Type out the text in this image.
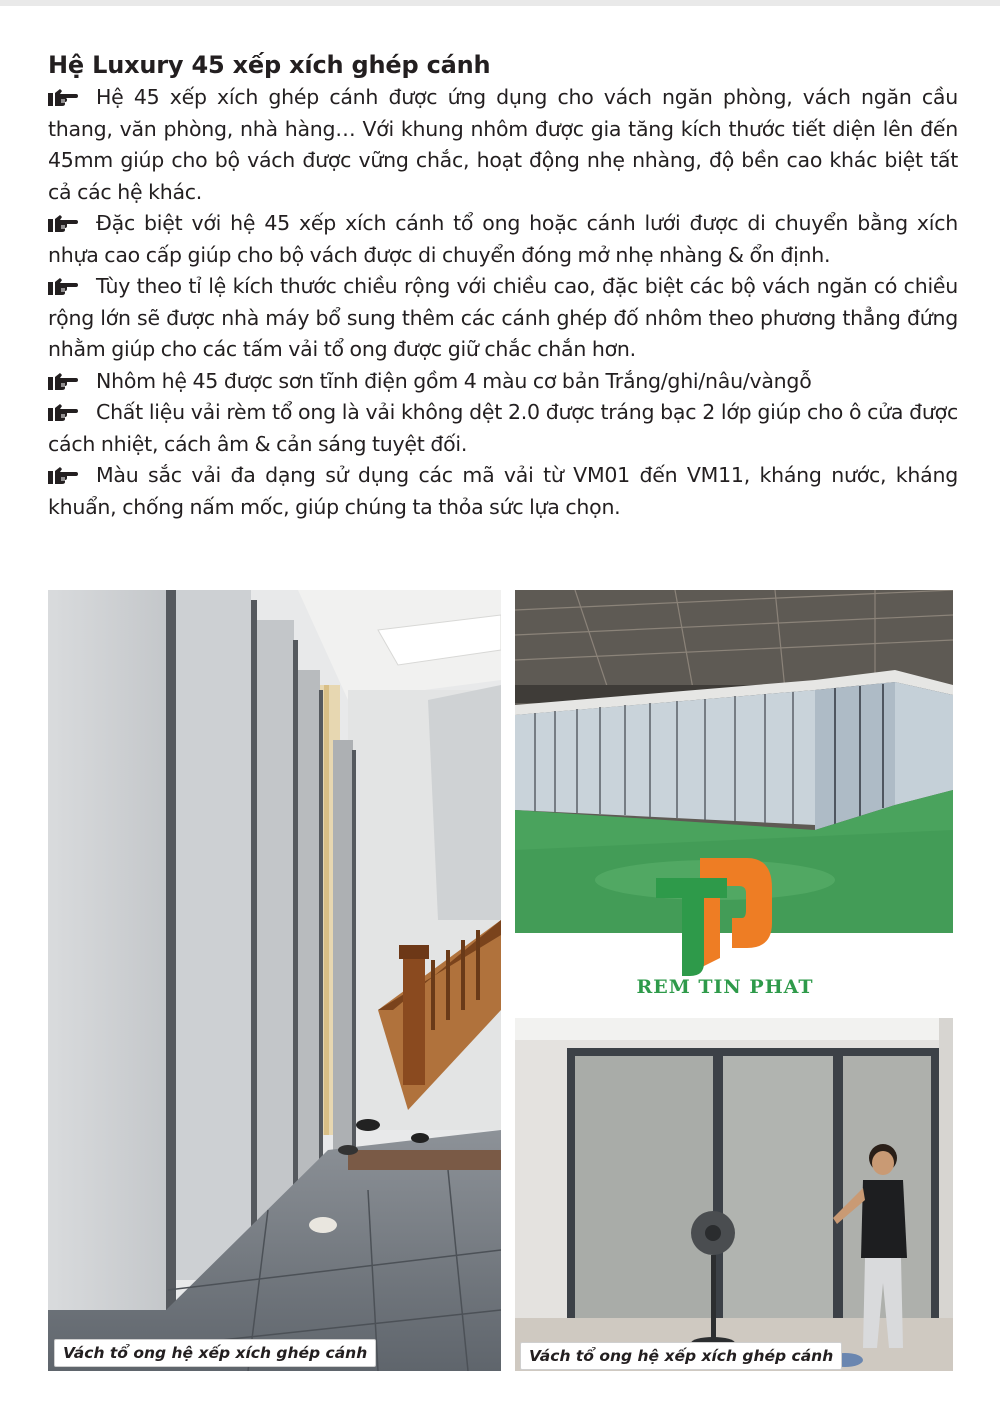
Hệ Luxury 45 xếp xích ghép cánh

Hệ 45 xếp xích ghép cánh được ứng dụng cho vách ngăn phòng, vách ngăn cầu thang, văn phòng, nhà hàng… Với khung nhôm được gia tăng kích thước tiết diện lên đến 45mm giúp cho bộ vách được vững chắc, hoạt động nhẹ nhàng, độ bền cao khác biệt tất cả các hệ khác.

Đặc biệt với hệ 45 xếp xích cánh tổ ong hoặc cánh lưới được di chuyển bằng xích nhựa cao cấp giúp cho bộ vách được di chuyển đóng mở nhẹ nhàng & ổn định.

Tùy theo tỉ lệ kích thước chiều rộng với chiều cao, đặc biệt các bộ vách ngăn có chiều rộng lớn sẽ được nhà máy bổ sung thêm các cánh ghép đố nhôm theo phương thẳng đứng nhằm giúp cho các tấm vải tổ ong được giữ chắc chắn hơn.

Nhôm hệ 45 được sơn tĩnh điện gồm 4 màu cơ bản Trắng/ghi/nâu/vàngỗ

Chất liệu vải rèm tổ ong là vải không dệt 2.0 được tráng bạc 2 lớp giúp cho ô cửa được cách nhiệt, cách âm & cản sáng tuyệt đối.

Màu sắc vải đa dạng sử dụng các mã vải từ VM01 đến VM11, kháng nước, kháng khuẩn, chống nấm mốc, giúp chúng ta thỏa sức lựa chọn.

Vách tổ ong hệ xếp xích ghép cánh
REM TIN PHAT
Vách tổ ong hệ xếp xích ghép cánh
